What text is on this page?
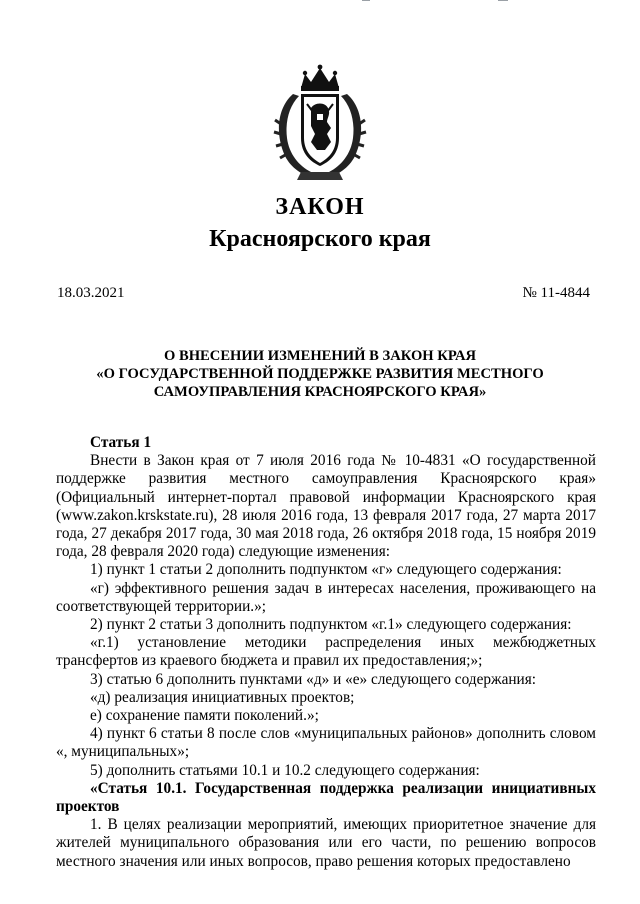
ЗАКОН
Красноярского края
18.03.2021	№ 11-4844
О ВНЕСЕНИИ ИЗМЕНЕНИЙ В ЗАКОН КРАЯ
«О ГОСУДАРСТВЕННОЙ ПОДДЕРЖКЕ РАЗВИТИЯ МЕСТНОГО
САМОУПРАВЛЕНИЯ КРАСНОЯРСКОГО КРАЯ»

Статья 1

Внести в Закон края от 7 июля 2016 года № 10-4831 «О государственной поддержке развития местного самоуправления Красноярского края» (Официальный интернет-портал правовой информации Красноярского края (www.zakon.krskstate.ru), 28 июля 2016 года, 13 февраля 2017 года, 27 марта 2017 года, 27 декабря 2017 года, 30 мая 2018 года, 26 октября 2018 года, 15 ноября 2019 года, 28 февраля 2020 года) следующие изменения:

1) пункт 1 статьи 2 дополнить подпунктом «г» следующего содержания:

«г) эффективного решения задач в интересах населения, проживающего на соответствующей территории.»;

2) пункт 2 статьи 3 дополнить подпунктом «г.1» следующего содержания:

«г.1) установление методики распределения иных межбюджетных трансфертов из краевого бюджета и правил их предоставления;»;

3) статью 6 дополнить пунктами «д» и «е» следующего содержания:

«д) реализация инициативных проектов;

е) сохранение памяти поколений.»;

4) пункт 6 статьи 8 после слов «муниципальных районов» дополнить словом «, муниципальных»;

5) дополнить статьями 10.1 и 10.2 следующего содержания:

«Статья 10.1. Государственная поддержка реализации инициативных проектов

1. В целях реализации мероприятий, имеющих приоритетное значение для жителей муниципального образования или его части, по решению вопросов местного значения или иных вопросов, право решения которых предоставлено
